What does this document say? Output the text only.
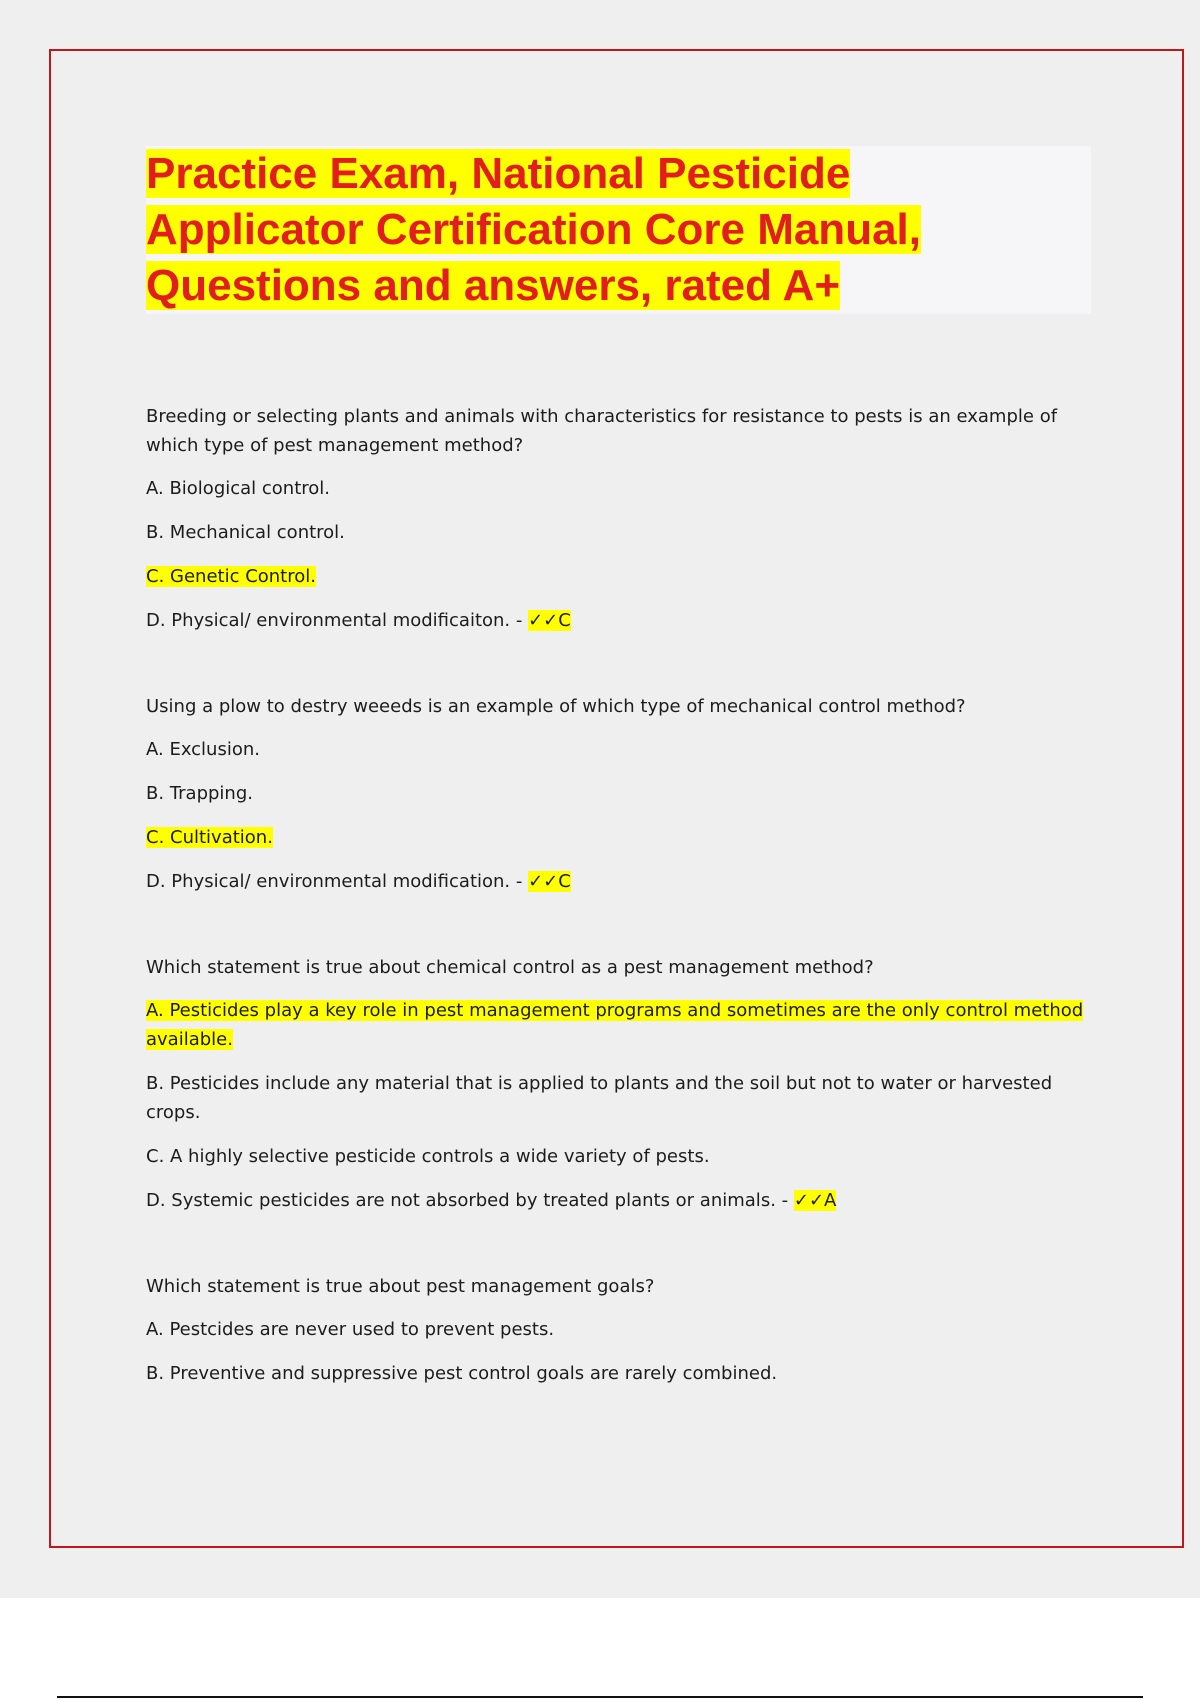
Practice Exam, National Pesticide
Applicator Certification Core Manual,
Questions and answers, rated A+

Breeding or selecting plants and animals with characteristics for resistance to pests is an example of which type of pest management method?

A. Biological control.

B. Mechanical control.

C. Genetic Control.

D. Physical/ environmental modificaiton. - ✓✓C

Using a plow to destry weeeds is an example of which type of mechanical control method?

A. Exclusion.

B. Trapping.

C. Cultivation.

D. Physical/ environmental modification. - ✓✓C

Which statement is true about chemical control as a pest management method?

A. Pesticides play a key role in pest management programs and sometimes are the only control method available.

B. Pesticides include any material that is applied to plants and the soil but not to water or harvested crops.

C. A highly selective pesticide controls a wide variety of pests.

D. Systemic pesticides are not absorbed by treated plants or animals. - ✓✓A

Which statement is true about pest management goals?

A. Pestcides are never used to prevent pests.

B. Preventive and suppressive pest control goals are rarely combined.
